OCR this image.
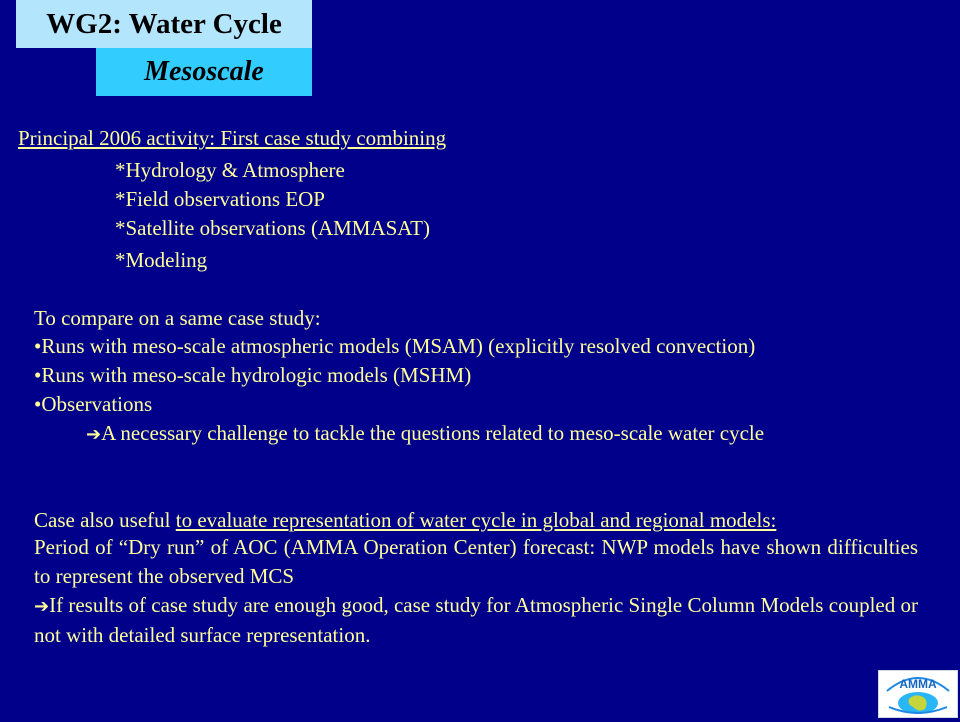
WG2: Water Cycle
Mesoscale
Principal 2006 activity: First case study combining
*Hydrology & Atmosphere
*Field observations EOP
*Satellite observations (AMMASAT)
*Modeling
To compare on a same case study:
•Runs with meso-scale atmospheric models (MSAM) (explicitly resolved convection)
•Runs with meso-scale hydrologic models (MSHM)
•Observations
➔A necessary challenge to tackle the questions related to meso-scale water cycle
Case also useful to evaluate representation of water cycle in global and regional models:
Period of “Dry run” of AOC (AMMA Operation Center) forecast: NWP models have shown difficulties to represent the observed MCS
➔If results of case study are enough good, case study for Atmospheric Single Column Models coupled or not with detailed surface representation.
AMMA
